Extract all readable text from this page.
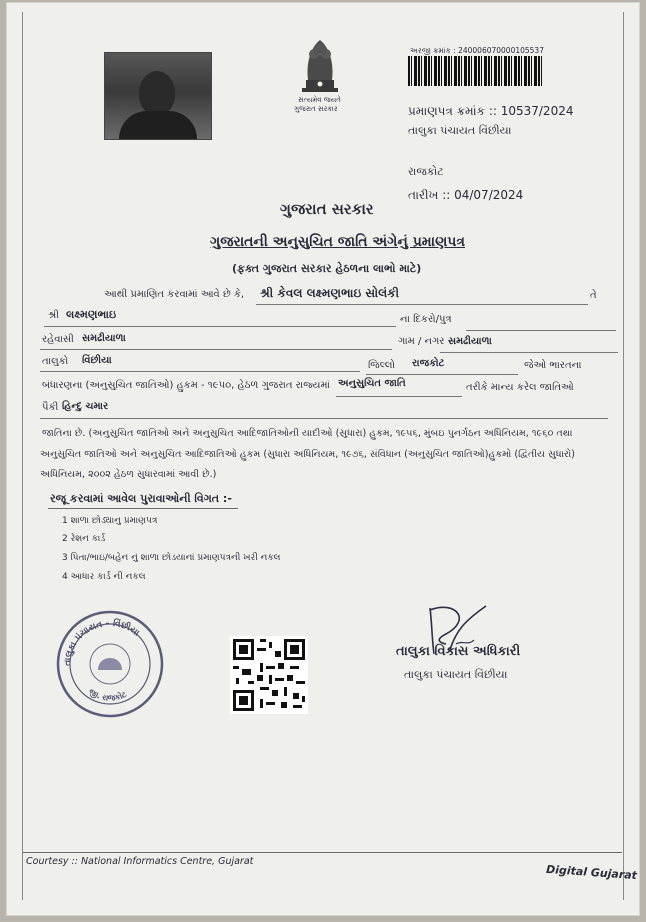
સત્યમેવ જયતે
ગુજરાત સરકાર
અરજી ક્રમાંક : 240006070000105537
પ્રમાણપત્ર ક્રમાંક :: 10537/2024
તાલુકા પંચાયત વિંછીયા
રાજકોટ
તારીખ :: 04/07/2024
ગુજરાત સરકાર
ગુજરાતની અનુસુચિત જાતિ અંગેનું પ્રમાણપત્ર
(ફક્ત ગુજરાત સરકાર હેઠળના લાભો માટે)
આથી પ્રમાણિત કરવામાં આવે છે કે, શ્રી કેવલ લક્ષ્મણભાઇ સોલંકી	તે
શ્રી લક્ષ્મણભાઇ	ના દિકરો/પુત્ર
રહેવાસી સમઢીયાળા	ગામ / નગર સમઢીયાળા
તાલુકો વિંછીયા	જિલ્લો રાજકોટ	જેઓ ભારતના
બંધારણના (અનુસુચિત જાતિઓ) હુકમ - ૧૯૫૦, હેઠળ ગુજરાત રાજ્યમાં અનુસુચિત જાતિ	તરીકે માન્ય કરેલ જાતિઓ
પૈકી હિન્દુ ચમાર
જાતિના છે. (અનુસુચિત જાતિઓ અને અનુસુચિત આદિજાતિઓની યાદીઓ (સુધારા) હુકમ, ૧૯૫૬, મુંબઇ પુનર્ગઠન અધિનિયમ, ૧૯૬૦ તથા
અનુસુચિત જાતિઓ અને અનુસુચિત આદિજાતિઓ હુકમ (સુધારા અધિનિયમ, ૧૯૭૬, સંવિધાન (અનુસુચિત જાતિઓ)હુકમો (દ્વિતીય સુધારો)
અધિનિયમ, ૨૦૦૨ હેઠળ સુધારવામાં આવી છે.)
રજૂ કરવામાં આવેલ પુરાવાઓની વિગત :-
1 શાળા છોડ્યાનુ પ્રમાણપત્ર
2 રેશન કાર્ડ
3 પિતા/ભાઇ/બહેન નું શાળા છોડયાનાં પ્રમાણપત્રની ખરી નકલ
4 આધાર કાર્ડ ની નકલ
તાલુકા પંચાયત - વિંછીયા
જી. રાજકોટ
તાલુકા વિકાસ અધિકારી
તાલુકા પંચાયત વિંછીયા
Courtesy :: National Informatics Centre, Gujarat
Digital Gujarat
